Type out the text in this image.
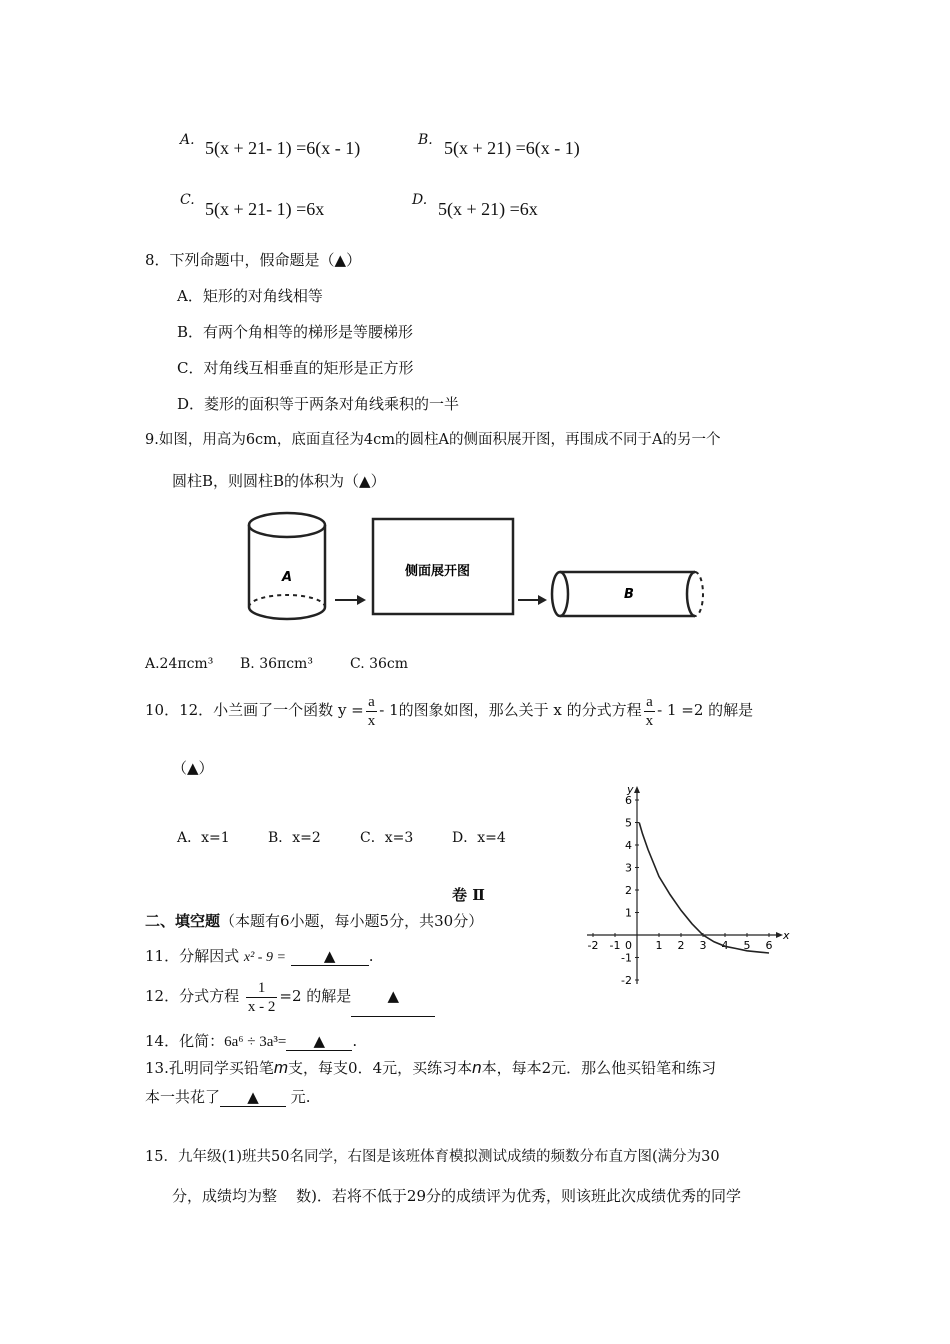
A. 5(x + 21- 1) =6(x - 1)	B. 5(x + 21) =6(x - 1)
C. 5(x + 21- 1) =6x	D. 5(x + 21) =6x
8．下列命题中，假命题是（▲）
A．矩形的对角线相等
B．有两个角相等的梯形是等腰梯形
C．对角线互相垂直的矩形是正方形
D．菱形的面积等于两条对角线乘积的一半
9.如图，用高为6cm，底面直径为4cm的圆柱A的侧面积展开图，再围成不同于A的另一个
圆柱B，则圆柱B的体积为（▲）
A	侧面展开图
B
A.24πcm³ B. 36πcm³	C. 36cm
10．12．小兰画了一个函数 $y = \frac{a}{x} - 1$的图象如图，那么关于 x 的分式方程 $\frac{a}{x} - 1 =2$ 的解是
（▲）
A．x=1	B．x=2	C．x=3	D．x=4
-2 -1	1 2 3 4 5 6
6
5
4
3
2
1
-1
-2
0
x
y
卷 Ⅱ
二、填空题（本题有6小题，每小题5分，共30分）
11．分解因式 x² - 9 =	▲ .
12．分式方程 $\frac{1}{x - 2} =2$ 的解是 ▲
14．化简：6a⁶ ÷ 3a³= ▲ .
13.孔明同学买铅笔m支，每支0．4元，买练习本n本，每本2元．那么他买铅笔和练习
本一共花了 ▲ 元.
15．九年级(1)班共50名同学，右图是该班体育模拟测试成绩的频数分布直方图(满分为30
分，成绩均为整    数)．若将不低于29分的成绩评为优秀，则该班此次成绩优秀的同学
